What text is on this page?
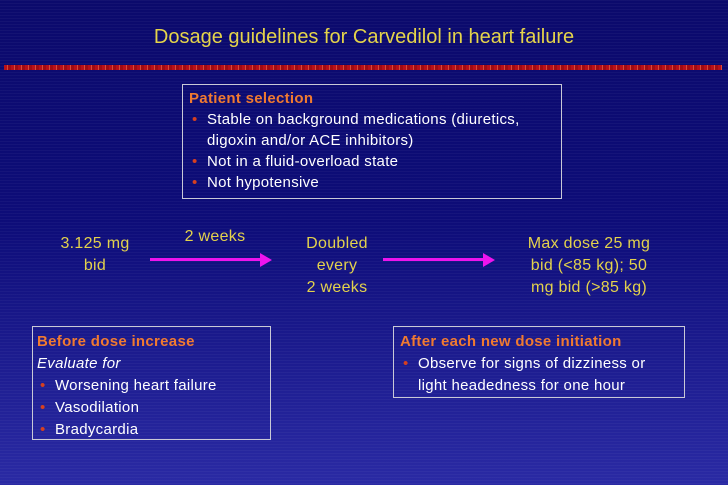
Dosage guidelines for Carvedilol in heart failure
Patient selection
• Stable on background medications (diuretics, digoxin and/or ACE inhibitors)
• Not in a fluid-overload state
• Not hypotensive
3.125 mg
bid
2 weeks	Doubled
every
2 weeks
Max dose 25 mg
bid (<85 kg); 50
mg bid (>85 kg)
Before dose increase
Evaluate for
• Worsening heart failure
• Vasodilation
• Bradycardia
After each new dose initiation
• Observe for signs of dizziness or light headedness for one hour
